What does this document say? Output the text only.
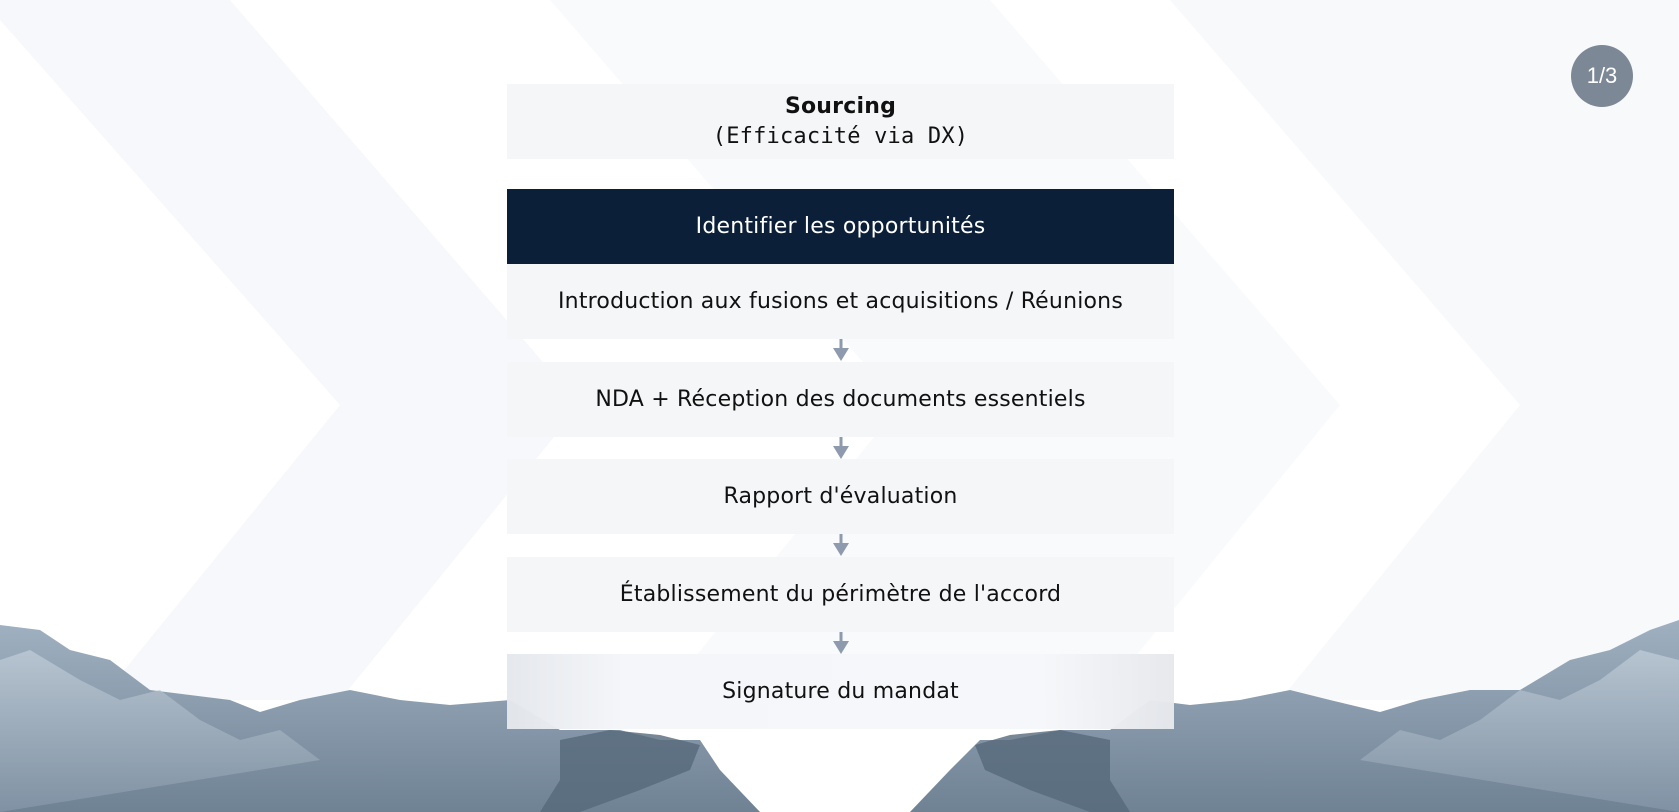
1/3
Sourcing
(Efficacité via DX)
Identifier les opportunités
Introduction aux fusions et acquisitions / Réunions
NDA + Réception des documents essentiels
Rapport d'évaluation
Établissement du périmètre de l'accord
Signature du mandat
